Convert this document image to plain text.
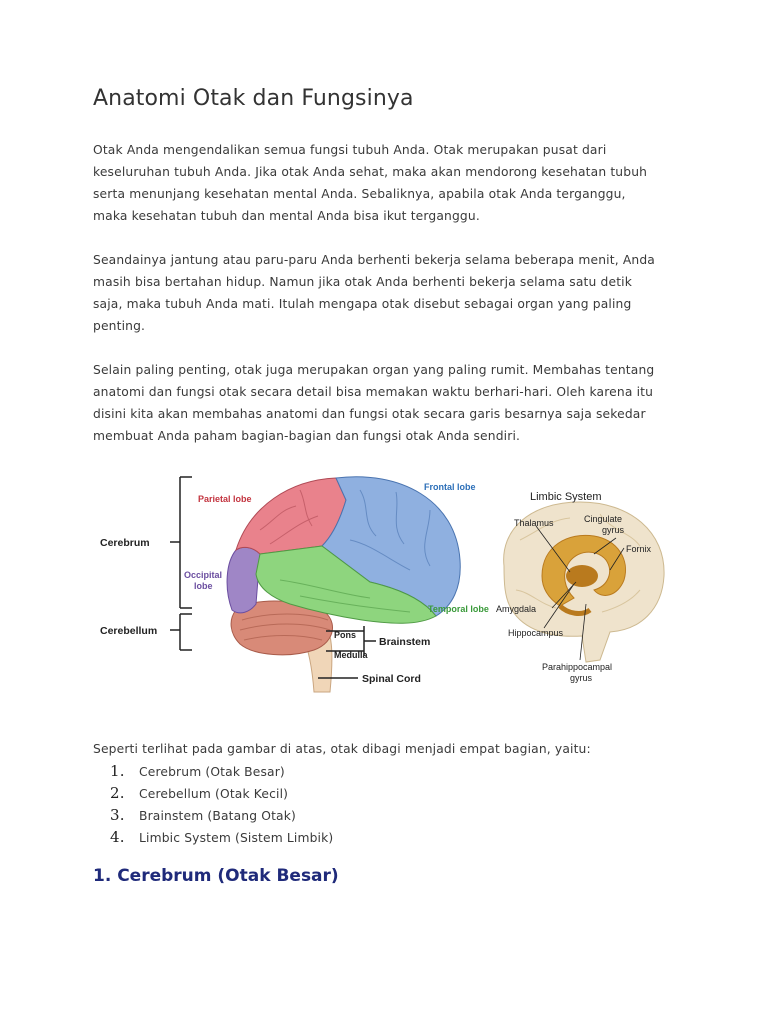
Anatomi Otak dan Fungsinya

Otak Anda mengendalikan semua fungsi tubuh Anda. Otak merupakan pusat dari
keseluruhan tubuh Anda. Jika otak Anda sehat, maka akan mendorong kesehatan tubuh
serta menunjang kesehatan mental Anda. Sebaliknya, apabila otak Anda terganggu,
maka kesehatan tubuh dan mental Anda bisa ikut terganggu.

Seandainya jantung atau paru-paru Anda berhenti bekerja selama beberapa menit, Anda
masih bisa bertahan hidup. Namun jika otak Anda berhenti bekerja selama satu detik
saja, maka tubuh Anda mati. Itulah mengapa otak disebut sebagai organ yang paling
penting.

Selain paling penting, otak juga merupakan organ yang paling rumit. Membahas tentang
anatomi dan fungsi otak secara detail bisa memakan waktu berhari-hari. Oleh karena itu
disini kita akan membahas anatomi dan fungsi otak secara garis besarnya saja sekedar
membuat Anda paham bagian-bagian dan fungsi otak Anda sendiri.

Cerebrum
Cerebellum
Parietal lobe
Frontal lobe
Occipital
lobe
Temporal lobe
Pons
Medulla
Brainstem
Spinal Cord
Limbic System
Thalamus	Cingulate
gyrus
Fornix
Amygdala
Hippocampus
Parahippocampal
gyrus

Seperti terlihat pada gambar di atas, otak dibagi menjadi empat bagian, yaitu:

1. Cerebrum (Otak Besar)
2. Cerebellum (Otak Kecil)
3. Brainstem (Batang Otak)
4. Limbic System (Sistem Limbik)
1. Cerebrum (Otak Besar)
